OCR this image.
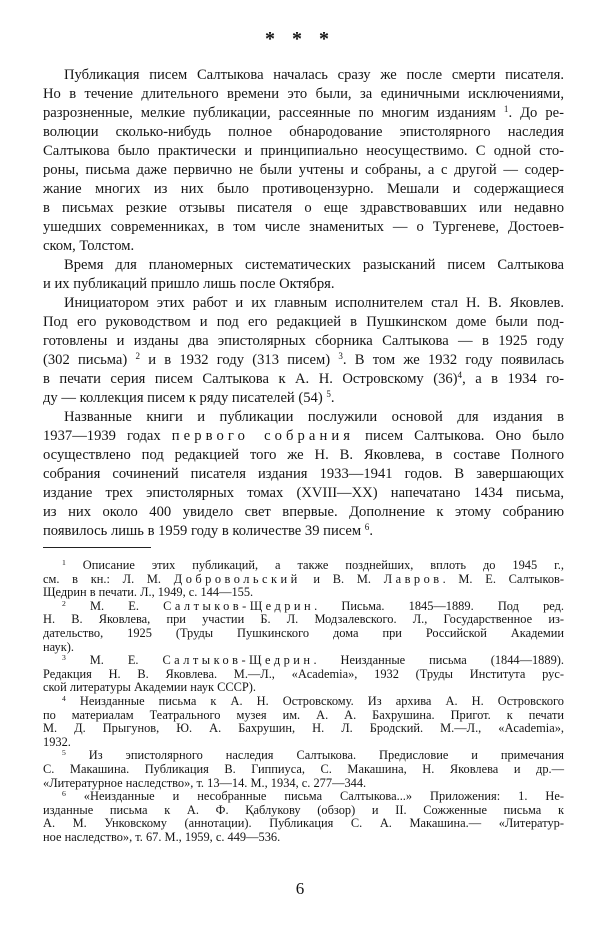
* * *
Публикация писем Салтыкова началась сразу же после смерти писателя.
Но в течение длительного времени это были, за единичными исключениями,
разрозненные, мелкие публикации, рассеянные по многим изданиям $^1$. До ре-
волюции сколько-нибудь полное обнародование эпистолярного наследия
Салтыкова было практически и принципиально неосуществимо. С одной сто-
роны, письма даже первично не были учтены и собраны, а с другой — содер-
жание многих из них было противоцензурно. Мешали и содержащиеся
в письмах резкие отзывы писателя о еще здравствовавших или недавно
ушедших современниках, в том числе знаменитых — о Тургеневе, Достоев-
ском, Толстом.
Время для планомерных систематических разысканий писем Салтыкова
и их публикаций пришло лишь после Октября.
Инициатором этих работ и их главным исполнителем стал Н. В. Яковлев.
Под его руководством и под его редакцией в Пушкинском доме были под-
готовлены и изданы два эпистолярных сборника Салтыкова — в 1925 году
(302 письма) $^2$ и в 1932 году (313 писем) $^3$. В том же 1932 году появилась
в печати серия писем Салтыкова к А. Н. Островскому $(36)^4$, а в 1934 го-
ду — коллекция писем к ряду писателей (54) $^5$.
Названные книги и публикации послужили основой для издания в
1937—1939 годах первого собрания писем Салтыкова. Оно было
осуществлено под редакцией того же Н. В. Яковлева, в составе Полного
собрания сочинений писателя издания 1933—1941 годов. В завершающих
издание трех эпистолярных томах (XVIII—XX) напечатано 1434 письма,
из них около 400 увидело свет впервые. Дополнение к этому собранию
появилось лишь в 1959 году в количестве 39 писем $^6$.
$^1$ Описание этих публикаций, а также позднейших, вплоть до 1945 г.,
см. в кн.: Л. М. Добровольский и В. М. Лавров. М. Е. Салтыков-
Щедрин в печати. Л., 1949, с. 144—155.
$^2$ М. Е. Салтыков-Щедрин. Письма. 1845—1889. Под ред.
Н. В. Яковлева, при участии Б. Л. Модзалевского. Л., Государственное из-
дательство, 1925 (Труды Пушкинского дома при Российской Академии
наук).
$^3$ М. Е. Салтыков-Щедрин. Неизданные письма (1844—1889).
Редакция Н. В. Яковлева. М.—Л., «Academia», 1932 (Труды Института рус-
ской литературы Академии наук СССР).
$^4$ Неизданные письма к А. Н. Островскому. Из архива А. Н. Островского
по материалам Театрального музея им. А. А. Бахрушина. Пригот. к печати
М. Д. Прыгунов, Ю. А. Бахрушин, Н. Л. Бродский. М.—Л., «Academia»,
1932.
$^5$ Из эпистолярного наследия Салтыкова. Предисловие и примечания
С. Макашина. Публикация В. Гиппиуса, С. Макашина, Н. Яковлева и др.—
«Литературное наследство», т. 13—14. М., 1934, с. 277—344.
$^6$ «Неизданные и несобранные письма Салтыкова...» Приложения: 1. Не-
изданные письма к А. Ф. Қаблукову (обзор) и II. Сожженные письма к
А. М. Унковскому (аннотации). Публикация С. А. Макашина.— «Литератур-
ное наследство», т. 67. М., 1959, с. 449—536.
6
